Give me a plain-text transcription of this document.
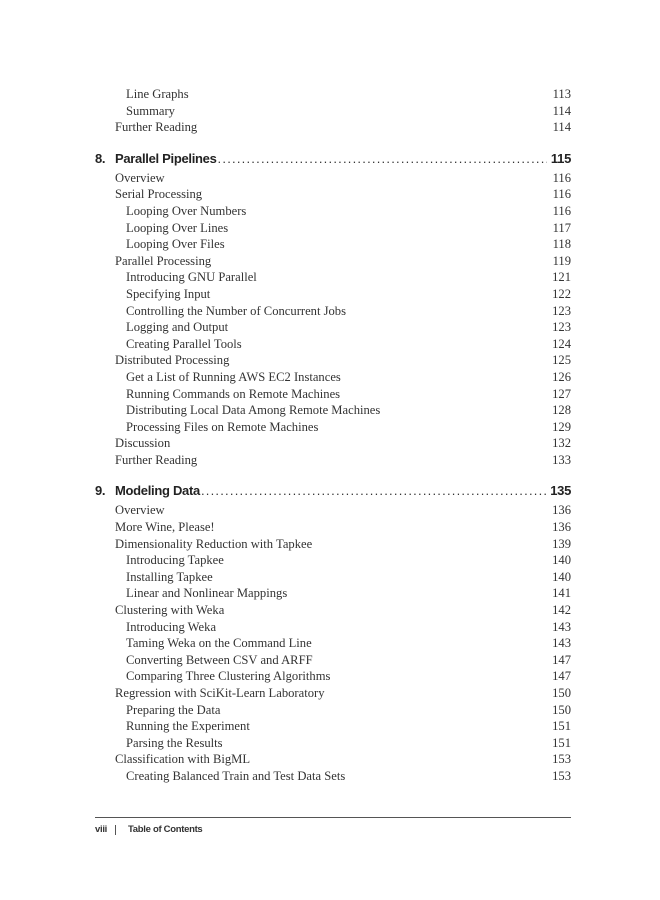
Line Graphs	113
Summary	114
Further Reading	114
8. Parallel Pipelines . . .	115
Overview	116
Serial Processing	116
Looping Over Numbers	116
Looping Over Lines	117
Looping Over Files	118
Parallel Processing	119
Introducing GNU Parallel	121
Specifying Input	122
Controlling the Number of Concurrent Jobs	123
Logging and Output	123
Creating Parallel Tools	124
Distributed Processing	125
Get a List of Running AWS EC2 Instances	126
Running Commands on Remote Machines	127
Distributing Local Data Among Remote Machines	128
Processing Files on Remote Machines	129
Discussion	132
Further Reading	133
9. Modeling Data . . .	135
Overview	136
More Wine, Please!	136
Dimensionality Reduction with Tapkee	139
Introducing Tapkee	140
Installing Tapkee	140
Linear and Nonlinear Mappings	141
Clustering with Weka	142
Introducing Weka	143
Taming Weka on the Command Line	143
Converting Between CSV and ARFF	147
Comparing Three Clustering Algorithms	147
Regression with SciKit-Learn Laboratory	150
Preparing the Data	150
Running the Experiment	151
Parsing the Results	151
Classification with BigML	153
Creating Balanced Train and Test Data Sets	153
viii Table of Contents
